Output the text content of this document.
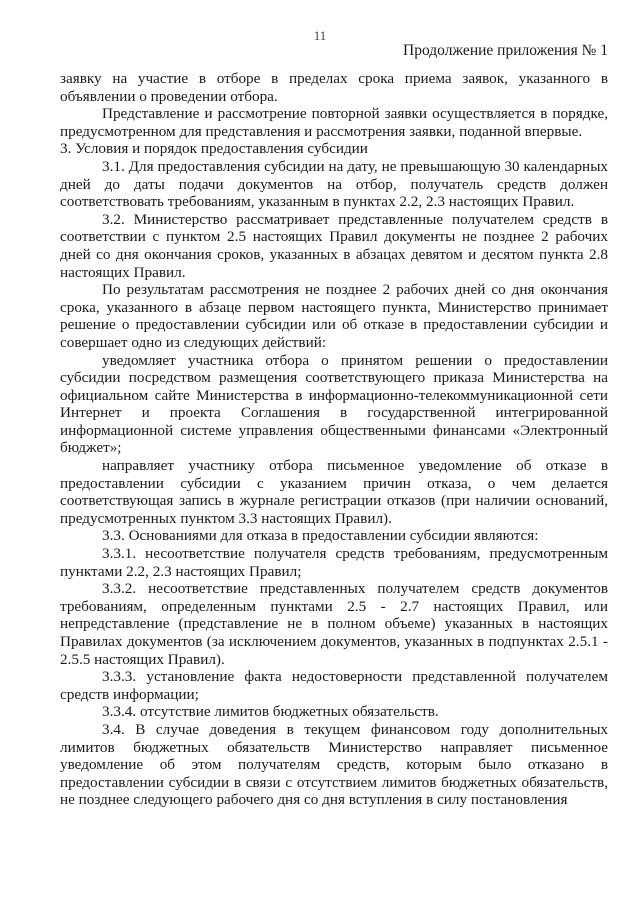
11
Продолжение приложения № 1

заявку на участие в отборе в пределах срока приема заявок, указанного в объявлении о проведении отбора.

Представление и рассмотрение повторной заявки осуществляется в порядке, предусмотренном для представления и рассмотрения заявки, поданной впервые.

3. Условия и порядок предоставления субсидии

3.1. Для предоставления субсидии на дату, не превышающую 30 календарных дней до даты подачи документов на отбор, получатель средств должен соответствовать требованиям, указанным в пунктах 2.2, 2.3 настоящих Правил.

3.2. Министерство рассматривает представленные получателем средств в соответствии с пунктом 2.5 настоящих Правил документы не позднее 2 рабочих дней со дня окончания сроков, указанных в абзацах девятом и десятом пункта 2.8 настоящих Правил.

По результатам рассмотрения не позднее 2 рабочих дней со дня окончания срока, указанного в абзаце первом настоящего пункта, Министерство принимает решение о предоставлении субсидии или об отказе в предоставлении субсидии и совершает одно из следующих действий:

уведомляет участника отбора о принятом решении о предоставлении субсидии посредством размещения соответствующего приказа Министерства на официальном сайте Министерства в информационно-телекоммуникационной сети Интернет и проекта Соглашения в государственной интегрированной информационной системе управления общественными финансами «Электронный бюджет»;

направляет участнику отбора письменное уведомление об отказе в предоставлении субсидии с указанием причин отказа, о чем делается соответствующая запись в журнале регистрации отказов (при наличии оснований, предусмотренных пунктом 3.3 настоящих Правил).

3.3. Основаниями для отказа в предоставлении субсидии являются:

3.3.1. несоответствие получателя средств требованиям, предусмотренным пунктами 2.2, 2.3 настоящих Правил;

3.3.2. несоответствие представленных получателем средств документов требованиям, определенным пунктами 2.5 - 2.7 настоящих Правил, или непредставление (представление не в полном объеме) указанных в настоящих Правилах документов (за исключением документов, указанных в подпунктах 2.5.1 - 2.5.5 настоящих Правил).

3.3.3. установление факта недостоверности представленной получателем средств информации;

3.3.4. отсутствие лимитов бюджетных обязательств.

3.4. В случае доведения в текущем финансовом году дополнительных лимитов бюджетных обязательств Министерство направляет письменное уведомление об этом получателям средств, которым было отказано в предоставлении субсидии в связи с отсутствием лимитов бюджетных обязательств, не позднее следующего рабочего дня со дня вступления в силу постановления
